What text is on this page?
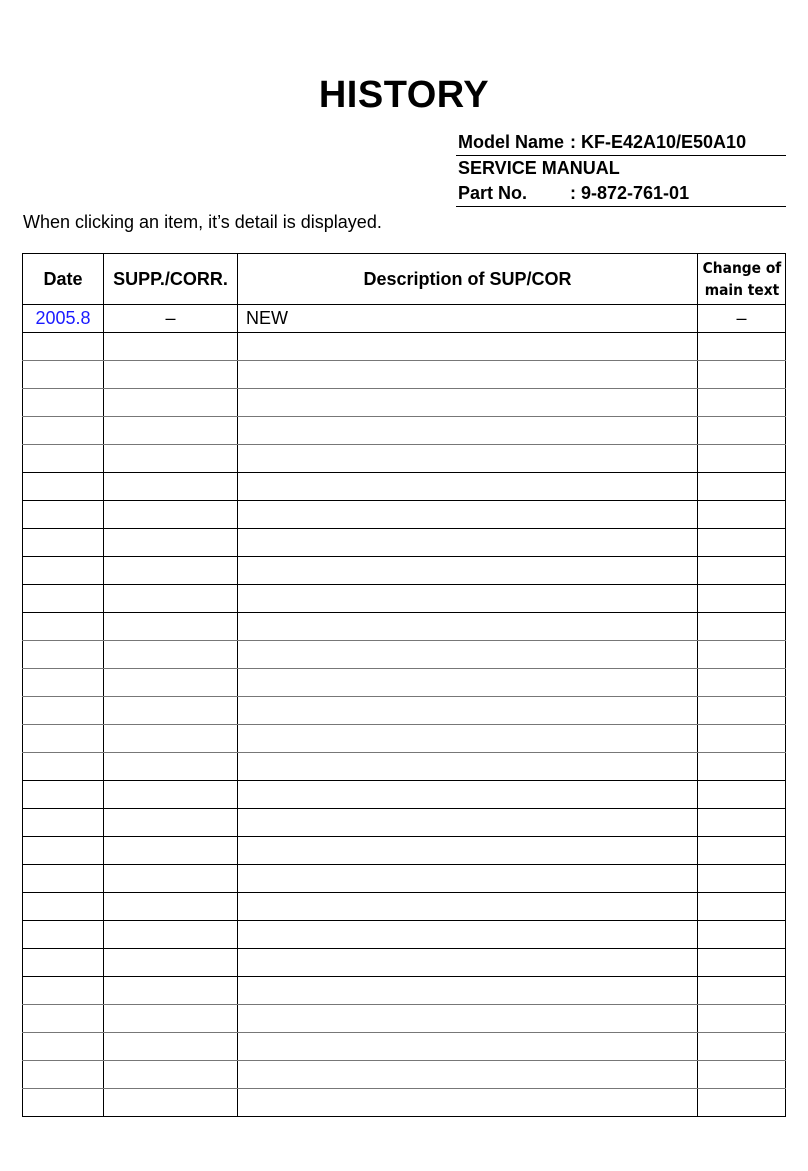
HISTORY
Model Name : KF-E42A10/E50A10
SERVICE MANUAL
Part No. : 9-872-761-01
When clicking an item, it’s detail is displayed.
Date	SUPP./CORR.	Description of SUP/COR	Change of
main text
2005.8	–	NEW	–
